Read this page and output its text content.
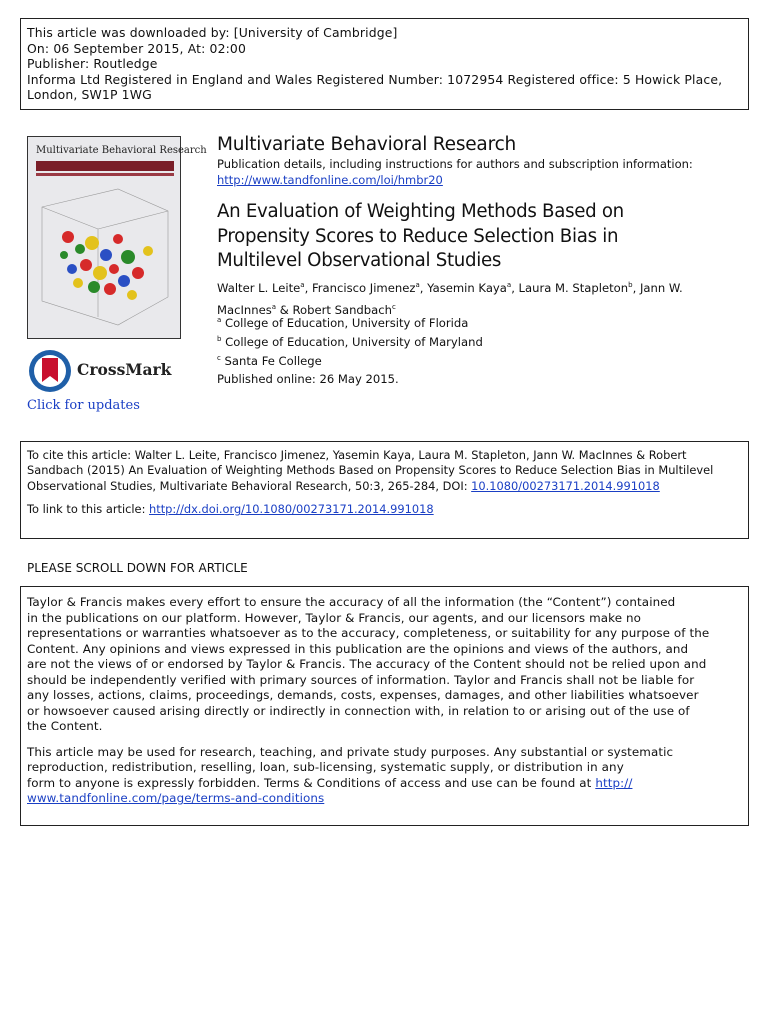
This article was downloaded by: [University of Cambridge]
On: 06 September 2015, At: 02:00
Publisher: Routledge
Informa Ltd Registered in England and Wales Registered Number: 1072954 Registered office: 5 Howick Place,
London, SW1P 1WG
Multivariate Behavioral Research
CrossMark
Click for updates
Multivariate Behavioral Research
Publication details, including instructions for authors and subscription information:
http://www.tandfonline.com/loi/hmbr20
An Evaluation of Weighting Methods Based on
Propensity Scores to Reduce Selection Bias in
Multilevel Observational Studies
Walter L. Leite$^a$, Francisco Jimenez$^a$, Yasemin Kaya$^a$, Laura M. Stapleton$^b$, Jann W.
MacInnes$^a$ & Robert Sandbach$^c$
$^a$ College of Education, University of Florida
$^b$ College of Education, University of Maryland
$^c$ Santa Fe College
Published online: 26 May 2015.
To cite this article: Walter L. Leite, Francisco Jimenez, Yasemin Kaya, Laura M. Stapleton, Jann W. MacInnes & Robert
Sandbach (2015) An Evaluation of Weighting Methods Based on Propensity Scores to Reduce Selection Bias in Multilevel
Observational Studies, Multivariate Behavioral Research, 50:3, 265-284, DOI: 10.1080/00273171.2014.991018
To link to this article: http://dx.doi.org/10.1080/00273171.2014.991018
PLEASE SCROLL DOWN FOR ARTICLE
Taylor & Francis makes every effort to ensure the accuracy of all the information (the “Content”) contained
in the publications on our platform. However, Taylor & Francis, our agents, and our licensors make no
representations or warranties whatsoever as to the accuracy, completeness, or suitability for any purpose of the
Content. Any opinions and views expressed in this publication are the opinions and views of the authors, and
are not the views of or endorsed by Taylor & Francis. The accuracy of the Content should not be relied upon and
should be independently verified with primary sources of information. Taylor and Francis shall not be liable for
any losses, actions, claims, proceedings, demands, costs, expenses, damages, and other liabilities whatsoever
or howsoever caused arising directly or indirectly in connection with, in relation to or arising out of the use of
the Content.
This article may be used for research, teaching, and private study purposes. Any substantial or systematic
reproduction, redistribution, reselling, loan, sub-licensing, systematic supply, or distribution in any
form to anyone is expressly forbidden. Terms & Conditions of access and use can be found at http://
www.tandfonline.com/page/terms-and-conditions
